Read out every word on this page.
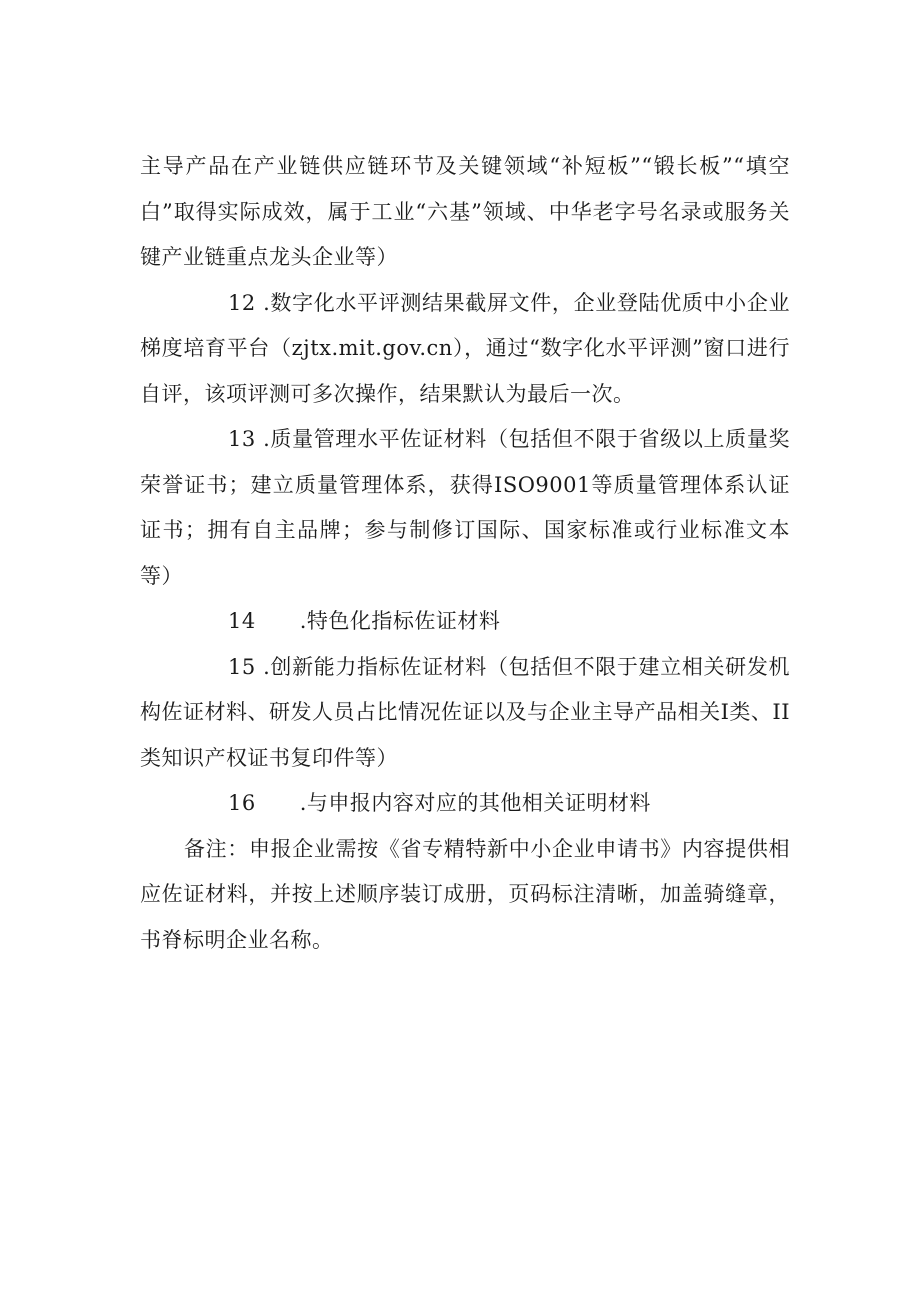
主导产品在产业链供应链环节及关键领域“补短板”“锻长板”“填空白”取得实际成效，属于工业“六基”领域、中华老字号名录或服务关键产业链重点龙头企业等）

12 .数字化水平评测结果截屏文件，企业登陆优质中小企业梯度培育平台（zjtx.mit.gov.cn），通过“数字化水平评测”窗口进行自评，该项评测可多次操作，结果默认为最后一次。

13 .质量管理水平佐证材料（包括但不限于省级以上质量奖荣誉证书；建立质量管理体系，获得ISO9001等质量管理体系认证证书；拥有自主品牌；参与制修订国际、国家标准或行业标准文本等）

14 .特色化指标佐证材料

15 .创新能力指标佐证材料（包括但不限于建立相关研发机构佐证材料、研发人员占比情况佐证以及与企业主导产品相关I类、II类知识产权证书复印件等）

16 .与申报内容对应的其他相关证明材料

备注：申报企业需按《省专精特新中小企业申请书》内容提供相应佐证材料，并按上述顺序装订成册，页码标注清晰，加盖骑缝章，书脊标明企业名称。
